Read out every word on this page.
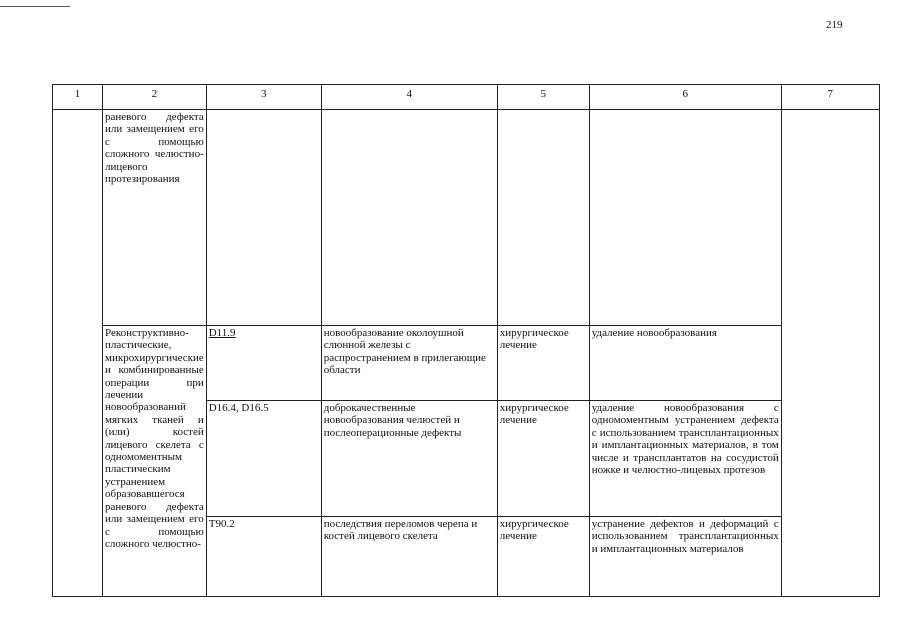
219
1	2	3	4	5	6	7
	раневого дефекта или замещением его с помощью сложного челюстно-лицевого протезирования					
	Реконструктивно-пластические, микрохирургические и комбинированные операции при лечении новообразований мягких тканей и (или) костей лицевого скелета с одномоментным пластическим устранением образовавшегося раневого дефекта или замещением его с помощью сложного челюстно-	D11.9	новообразование околоушной слюнной железы с распространением в прилегающие области	хирургическое лечение	удаление новообразования	
		D16.4, D16.5	доброкачественные новообразования челюстей и послеоперационные дефекты	хирургическое лечение	удаление новообразования с одномоментным устранением дефекта с использованием трансплантационных и имплантационных материалов, в том числе и трансплантатов на сосудистой ножке и челюстно-лицевых протезов	
		T90.2	последствия переломов черепа и костей лицевого скелета	хирургическое лечение	устранение дефектов и деформаций с использованием трансплантационных и имплантационных материалов	
